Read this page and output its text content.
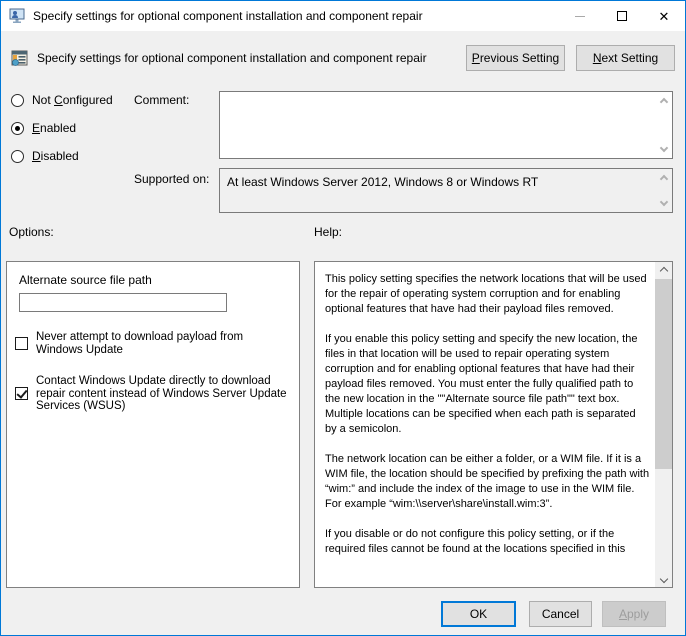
Specify settings for optional component installation and component repair	✕
Specify settings for optional component installation and component repair	Previous Setting	Next Setting
Not Configured
Enabled
Disabled
Comment:
Supported on:	At least Windows Server 2012, Windows 8 or Windows RT
Options:
Alternate source file path
Never attempt to download payload from Windows Update
Contact Windows Update directly to download repair content instead of Windows Server Update Services (WSUS)
Help:

This policy setting specifies the network locations that will be used for the repair of operating system corruption and for enabling optional features that have had their payload files removed.

If you enable this policy setting and specify the new location, the files in that location will be used to repair operating system corruption and for enabling optional features that have had their payload files removed. You must enter the fully qualified path to the new location in the ""Alternate source file path"" text box. Multiple locations can be specified when each path is separated by a semicolon.

The network location can be either a folder, or a WIM file. If it is a WIM file, the location should be specified by prefixing the path with “wim:” and include the index of the image to use in the WIM file. For example “wim:\\server\share\install.wim:3”.

If you disable or do not configure this policy setting, or if the required files cannot be found at the locations specified in this

OK	Cancel	Apply
